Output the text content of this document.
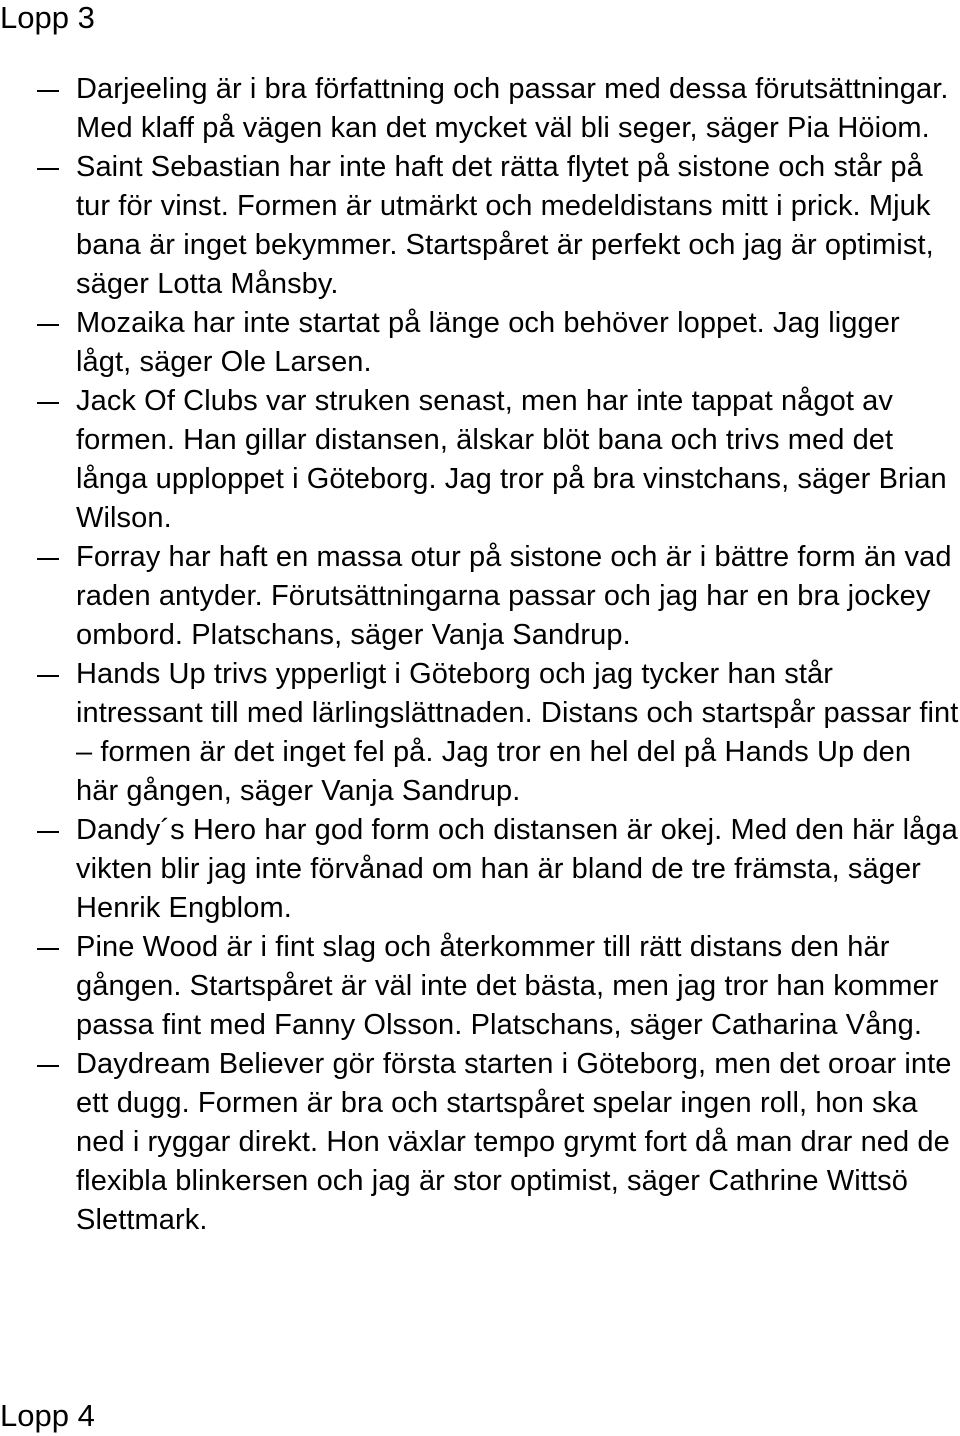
Lopp 3
Darjeeling är i bra författning och passar med dessa förutsättningar. Med klaff på vägen kan det mycket väl bli seger, säger Pia Höiom.
Saint Sebastian har inte haft det rätta flytet på sistone och står på tur för vinst. Formen är utmärkt och medeldistans mitt i prick. Mjuk bana är inget bekymmer. Startspåret är perfekt och jag är optimist, säger Lotta Månsby.
Mozaika har inte startat på länge och behöver loppet. Jag ligger lågt, säger Ole Larsen.
Jack Of Clubs var struken senast, men har inte tappat något av formen. Han gillar distansen, älskar blöt bana och trivs med det långa upploppet i Göteborg. Jag tror på bra vinstchans, säger Brian Wilson.
Forray har haft en massa otur på sistone och är i bättre form än vad raden antyder. Förutsättningarna passar och jag har en bra jockey ombord. Platschans, säger Vanja Sandrup.
Hands Up trivs ypperligt i Göteborg och jag tycker han står intressant till med lärlingslättnaden. Distans och startspår passar fint – formen är det inget fel på. Jag tror en hel del på Hands Up den här gången, säger Vanja Sandrup.
Dandy´s Hero har god form och distansen är okej. Med den här låga vikten blir jag inte förvånad om han är bland de tre främsta, säger Henrik Engblom.
Pine Wood är i fint slag och återkommer till rätt distans den här gången. Startspåret är väl inte det bästa, men jag tror han kommer passa fint med Fanny Olsson. Platschans, säger Catharina Vång.
Daydream Believer gör första starten i Göteborg, men det oroar inte ett dugg. Formen är bra och startspåret spelar ingen roll, hon ska ned i ryggar direkt. Hon växlar tempo grymt fort då man drar ned de flexibla blinkersen och jag är stor optimist, säger Cathrine Wittsö Slettmark.
Lopp 4
